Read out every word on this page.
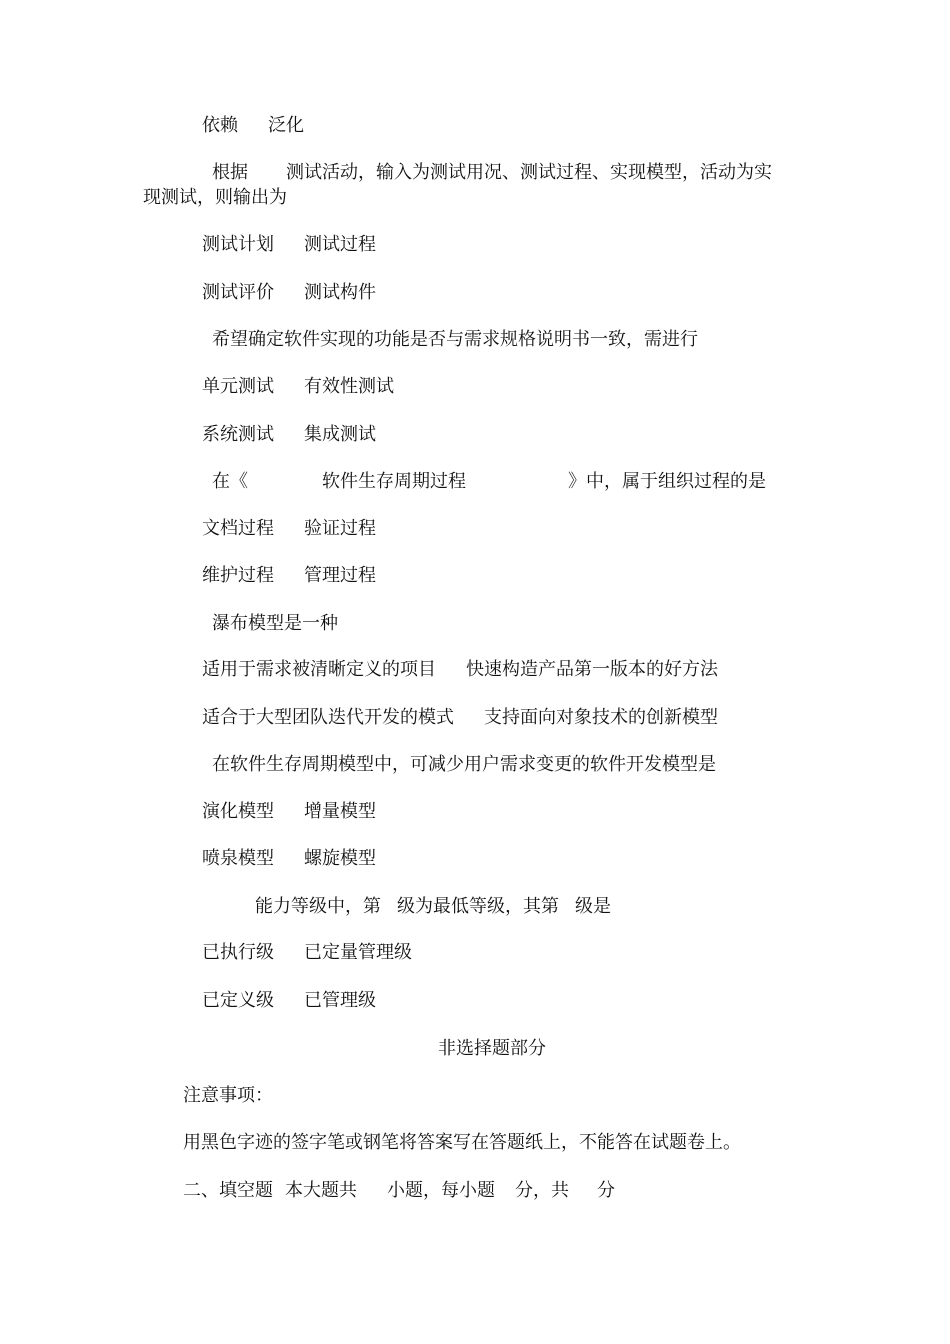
依赖 泛化
根据 测试活动，输入为测试用况、测试过程、实现模型，活动为实
现测试，则输出为
测试计划 测试过程
测试评价 测试构件
希望确定软件实现的功能是否与需求规格说明书一致，需进行
单元测试 有效性测试
系统测试 集成测试
在《	软件生存周期过程	》中，属于组织过程的是
文档过程 验证过程
维护过程 管理过程
瀑布模型是一种
适用于需求被清晰定义的项目 快速构造产品第一版本的好方法
适合于大型团队迭代开发的模式 支持面向对象技术的创新模型
在软件生存周期模型中，可减少用户需求变更的软件开发模型是
演化模型 增量模型
喷泉模型 螺旋模型
能力等级中，第 级为最低等级，其第 级是
已执行级 已定量管理级
已定义级 已管理级
非选择题部分
注意事项：
用黑色字迹的签字笔或钢笔将答案写在答题纸上，不能答在试题卷上。
二、填空题 本大题共 小题，每小题 分，共 分
